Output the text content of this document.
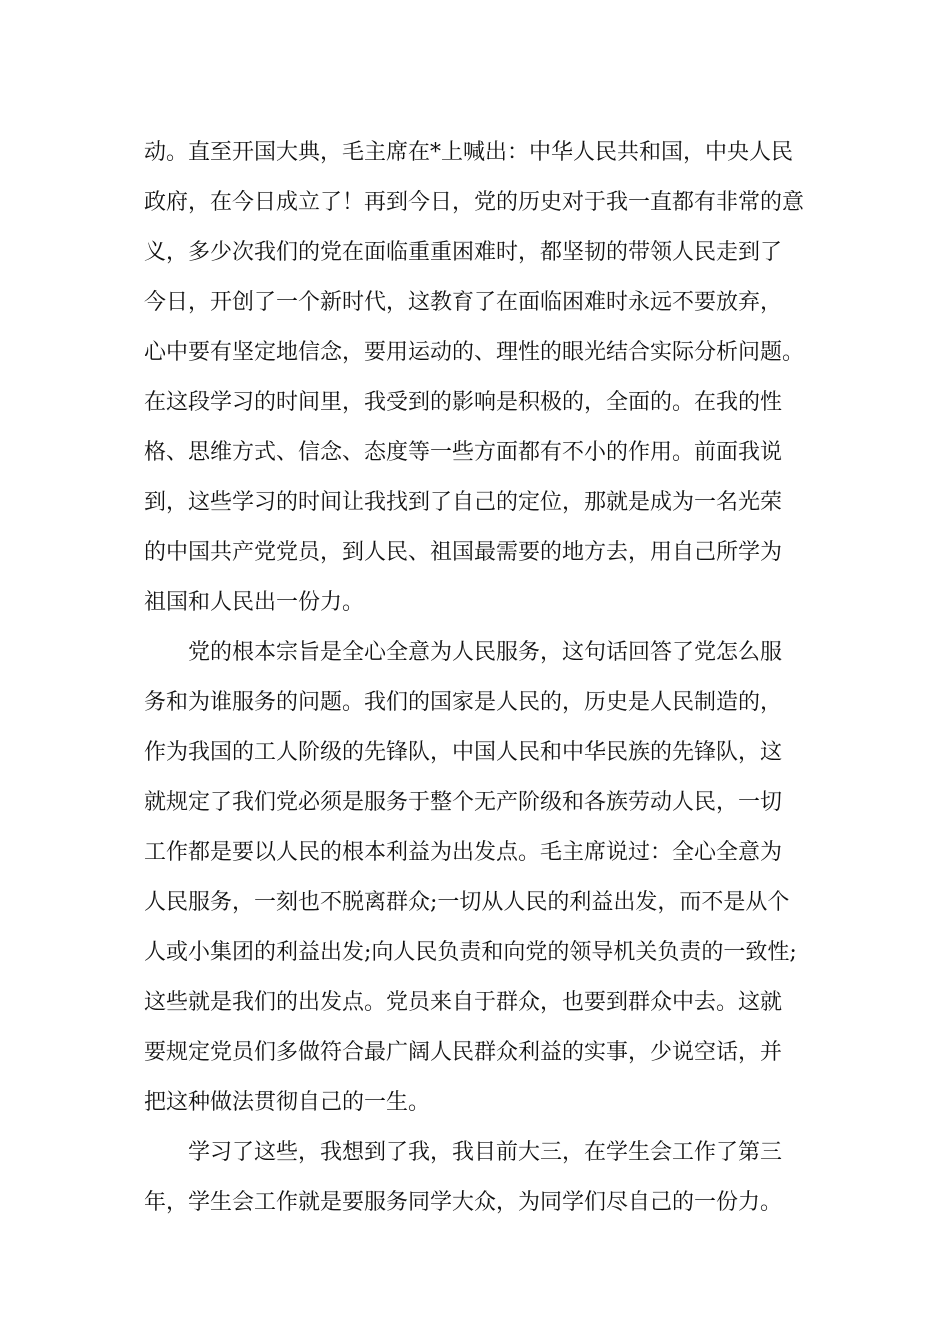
动。直至开国大典，毛主席在*上喊出：中华人民共和国，中央人民
政府，在今日成立了！再到今日，党的历史对于我一直都有非常的意
义，多少次我们的党在面临重重困难时，都坚韧的带领人民走到了
今日，开创了一个新时代，这教育了在面临困难时永远不要放弃，
心中要有坚定地信念，要用运动的、理性的眼光结合实际分析问题。
在这段学习的时间里，我受到的影响是积极的，全面的。在我的性
格、思维方式、信念、态度等一些方面都有不小的作用。前面我说
到，这些学习的时间让我找到了自己的定位，那就是成为一名光荣
的中国共产党党员，到人民、祖国最需要的地方去，用自己所学为
祖国和人民出一份力。
　　党的根本宗旨是全心全意为人民服务，这句话回答了党怎么服
务和为谁服务的问题。我们的国家是人民的，历史是人民制造的，
作为我国的工人阶级的先锋队，中国人民和中华民族的先锋队，这
就规定了我们党必须是服务于整个无产阶级和各族劳动人民，一切
工作都是要以人民的根本利益为出发点。毛主席说过：全心全意为
人民服务，一刻也不脱离群众;一切从人民的利益出发，而不是从个
人或小集团的利益出发;向人民负责和向党的领导机关负责的一致性;
这些就是我们的出发点。党员来自于群众，也要到群众中去。这就
要规定党员们多做符合最广阔人民群众利益的实事，少说空话，并
把这种做法贯彻自己的一生。
　　学习了这些，我想到了我，我目前大三，在学生会工作了第三
年，学生会工作就是要服务同学大众，为同学们尽自己的一份力。
